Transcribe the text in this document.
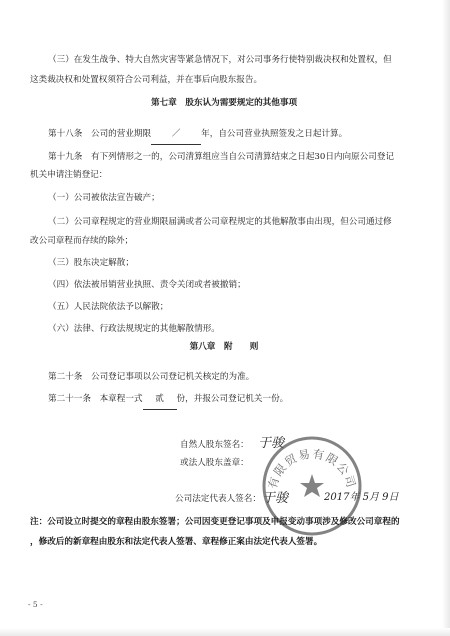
（三）在发生战争、特大自然灾害等紧急情况下，对公司事务行使特别裁决权和处置权，但

这类裁决权和处置权须符合公司利益，并在事后向股东报告。

第七章　股东认为需要规定的其他事项

第十八条　公司的营业期限 ／ 年，自公司营业执照签发之日起计算。

第十九条　有下列情形之一的，公司清算组应当自公司清算结束之日起30日内向原公司登记

机关申请注销登记：

（一）公司被依法宣告破产；

（二）公司章程规定的营业期限届满或者公司章程规定的其他解散事由出现，但公司通过修

改公司章程而存续的除外；

（三）股东决定解散；

（四）依法被吊销营业执照、责令关闭或者被撤销；

（五）人民法院依法予以解散；

（六）法律、行政法规规定的其他解散情形。

第八章　附　　则

第二十条　公司登记事项以公司登记机关核定的为准。

第二十一条　本章程一式 贰 份，并报公司登记机关一份。

自然人股东签名： 于骏
或法人股东盖章：
公司法定代表人签名： 于骏
有限贸易有限公司
2017年 5月 9日

注：公司设立时提交的章程由股东签署；公司因变更登记事项及申报变动事项涉及修改公司章程的

，修改后的新章程由股东和法定代表人签署、章程修正案由法定代表人签署。

- 5 -
